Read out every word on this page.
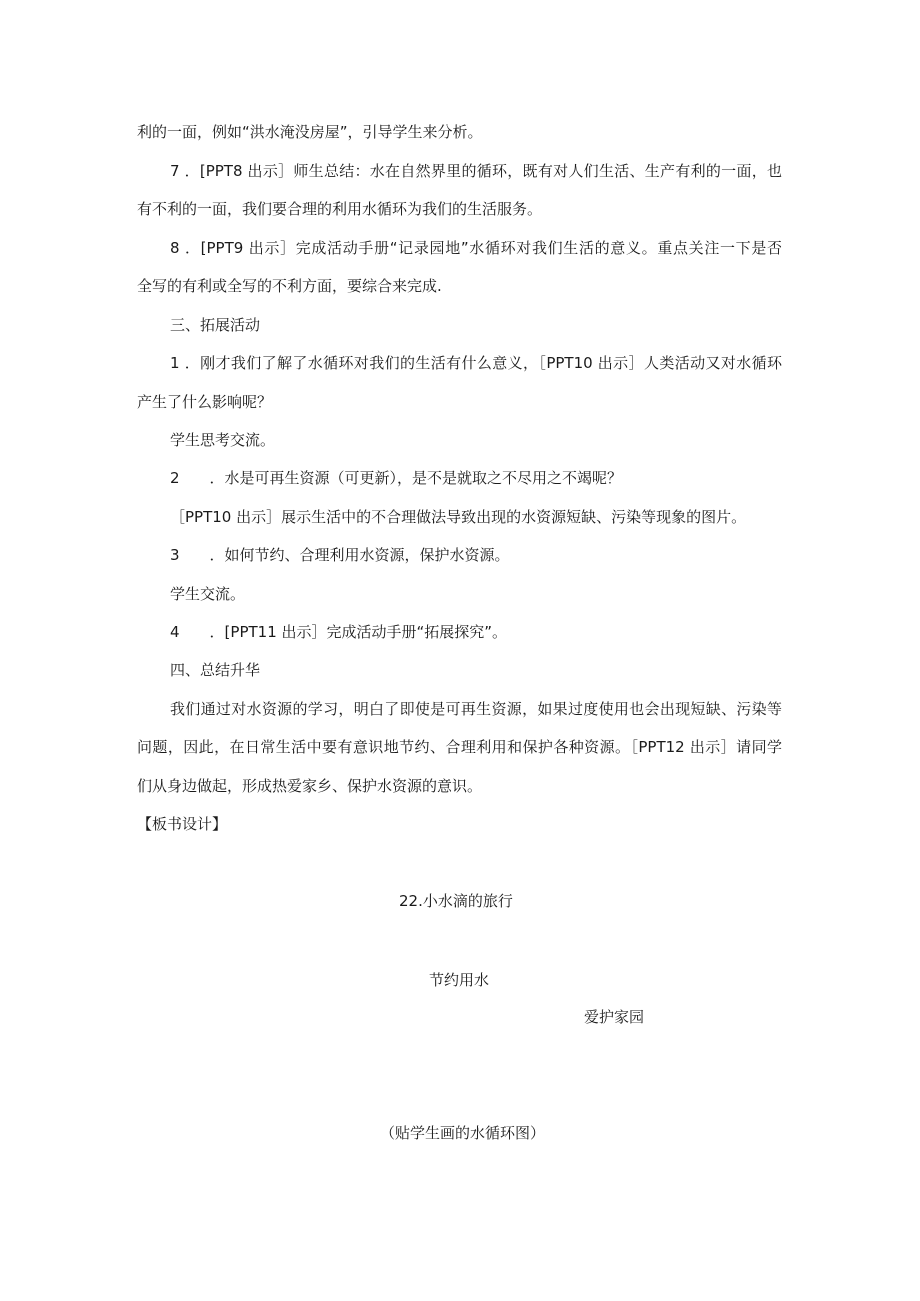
利的一面，例如“洪水淹没房屋”，引导学生来分析。
7 ．[PPT8 出示］师生总结：水在自然界里的循环，既有对人们生活、生产有利的一面，也
有不利的一面，我们要合理的利用水循环为我们的生活服务。
8 ．[PPT9 出示］完成活动手册“记录园地”水循环对我们生活的意义。重点关注一下是否
全写的有利或全写的不利方面，要综合来完成.
三、拓展活动
1 ．刚才我们了解了水循环对我们的生活有什么意义，［PPT10 出示］人类活动又对水循环
产生了什么影响呢？
学生思考交流。
2　　．水是可再生资源（可更新），是不是就取之不尽用之不竭呢？
［PPT10 出示］展示生活中的不合理做法导致出现的水资源短缺、污染等现象的图片。
3　　．如何节约、合理利用水资源，保护水资源。
学生交流。
4　　．[PPT11 出示］完成活动手册“拓展探究”。
四、总结升华
我们通过对水资源的学习，明白了即使是可再生资源，如果过度使用也会出现短缺、污染等
问题，因此，在日常生活中要有意识地节约、合理利用和保护各种资源。［PPT12 出示］请同学
们从身边做起，形成热爱家乡、保护水资源的意识。
【板书设计】
22.小水滴的旅行
节约用水
爱护家园
（贴学生画的水循环图）
